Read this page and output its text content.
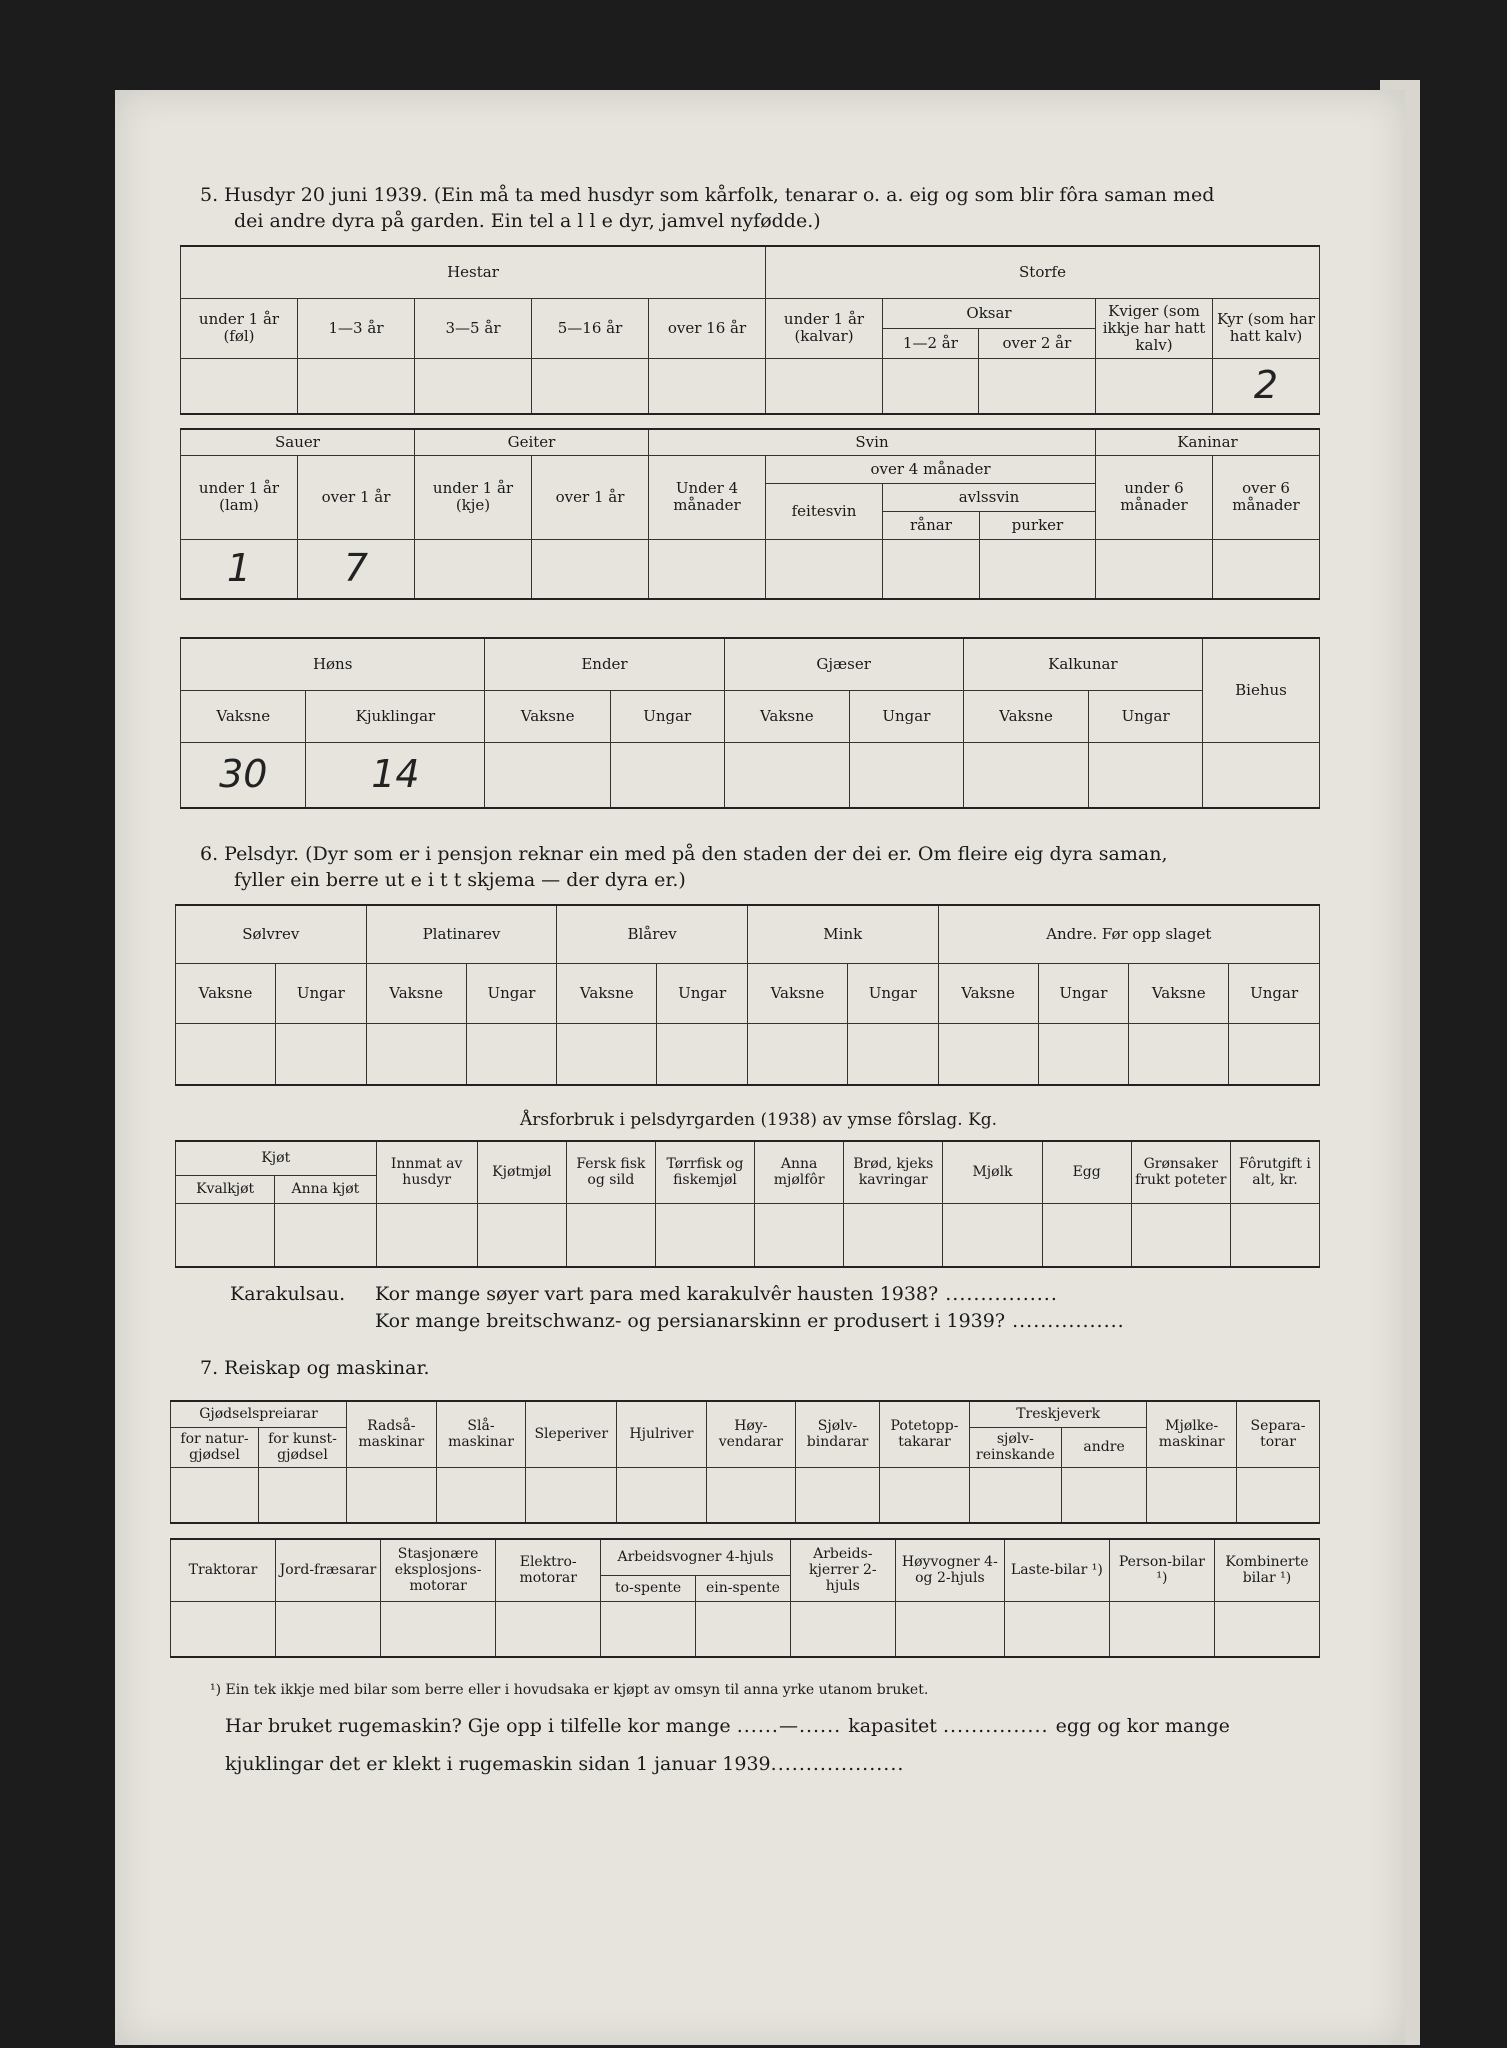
5. Husdyr 20 juni 1939. (Ein må ta med husdyr som kårfolk, tenarar o. a. eig og som blir fôra saman med
dei andre dyra på garden. Ein tel a l l e dyr, jamvel nyfødde.)
Hestar					Storfe				
under 1 år (føl)	1—3 år	3—5 år	5—16 år	over 16 år	under 1 år (kalvar)	Oksar		Kviger (som ikkje har hatt kalv)	Kyr (som har hatt kalv)
						1—2 år	over 2 år		
									2
Sauer		Geiter		Svin				Kaninar	
under 1 år (lam)	over 1 år	under 1 år (kje)	over 1 år	Under 4 månader	over 4 månader			under 6 månader	over 6 månader
					feitesvin	avlssvin			
						rånar	purker		
1	7								
Høns		Ender		Gjæser		Kalkunar		Biehus
Vaksne	Kjuklingar	Vaksne	Ungar	Vaksne	Ungar	Vaksne	Ungar	
30	14							
6. Pelsdyr. (Dyr som er i pensjon reknar ein med på den staden der dei er. Om fleire eig dyra saman,
fyller ein berre ut e i t t skjema — der dyra er.)
Sølvrev		Platinarev		Blårev		Mink		Andre. Før opp slaget			
Vaksne	Ungar	Vaksne	Ungar	Vaksne	Ungar	Vaksne	Ungar	Vaksne	Ungar	Vaksne	Ungar

Årsforbruk i pelsdyrgarden (1938) av ymse fôrslag. Kg.
Kjøt		Innmat av husdyr	Kjøtmjøl	Fersk fisk og sild	Tørrfisk og fiskemjøl	Anna mjølfôr	Brød, kjeks kavringar	Mjølk	Egg	Grønsaker frukt poteter	Fôrutgift i alt, kr.
Kvalkjøt	Anna kjøt										

Karakulsau. Kor mange søyer vart para med karakulvêr hausten 1938? ................
Kor mange breitschwanz- og persianarskinn er produsert i 1939? ................
7. Reiskap og maskinar.
Gjødselspreiarar		Radså-maskinar	Slå-maskinar	Sleperiver	Hjulriver	Høy-vendarar	Sjølv-bindarar	Potetopp-takarar	Treskjeverk		Mjølke-maskinar	Separa-torar
for natur-gjødsel	for kunst-gjødsel								sjølv-reinskande	andre		

Traktorar	Jord-fræsarar	Stasjonære eksplosjons-motorar	Elektro-motorar	Arbeidsvogner 4-hjuls		Arbeids-kjerrer 2-hjuls	Høyvogner 4- og 2-hjuls	Laste-bilar ¹)	Person-bilar ¹)	Kombinerte bilar ¹)
				to-spente	ein-spente					

¹) Ein tek ikkje med bilar som berre eller i hovudsaka er kjøpt av omsyn til anna yrke utanom bruket.
Har bruket rugemaskin? Gje opp i tilfelle kor mange ......—...... kapasitet ............... egg og kor mange
kjuklingar det er klekt i rugemaskin sidan 1 januar 1939...................
